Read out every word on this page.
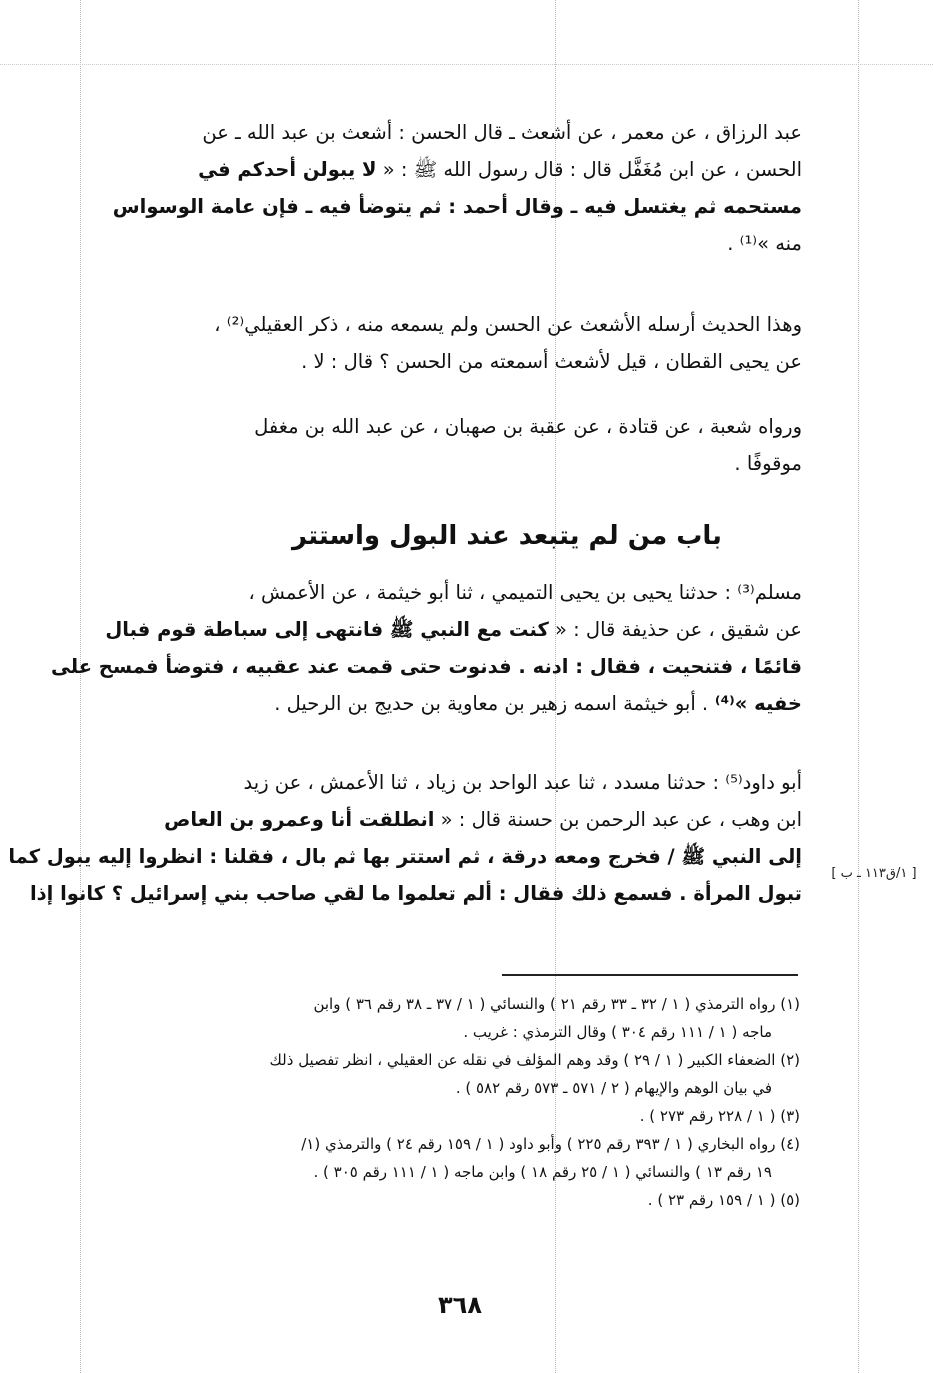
عبد الرزاق ، عن معمر ، عن أشعث ـ قال الحسن : أشعث بن عبد الله ـ عن
الحسن ، عن ابن مُغَفَّل قال : قال رسول الله ﷺ : « لا يبولن أحدكم في
مستحمه ثم يغتسل فيه ـ وقال أحمد : ثم يتوضأ فيه ـ فإن عامة الوسواس
منه »⁽¹⁾ .
وهذا الحديث أرسله الأشعث عن الحسن ولم يسمعه منه ، ذكر العقيلي⁽²⁾ ،
عن يحيى القطان ، قيل لأشعث أسمعته من الحسن ؟ قال : لا .
ورواه شعبة ، عن قتادة ، عن عقبة بن صهبان ، عن عبد الله بن مغفل
موقوفًا .
باب من لم يتبعد عند البول واستتر
مسلم⁽³⁾ : حدثنا يحيى بن يحيى التميمي ، ثنا أبو خيثمة ، عن الأعمش ،
عن شقيق ، عن حذيفة قال : « كنت مع النبي ﷺ فانتهى إلى سباطة قوم فبال
قائمًا ، فتنحيت ، فقال : ادنه . فدنوت حتى قمت عند عقبيه ، فتوضأ فمسح على
خفيه »⁽⁴⁾ . أبو خيثمة اسمه زهير بن معاوية بن حديج بن الرحيل .
أبو داود⁽⁵⁾ : حدثنا مسدد ، ثنا عبد الواحد بن زياد ، ثنا الأعمش ، عن زيد
ابن وهب ، عن عبد الرحمن بن حسنة قال : « انطلقت أنا وعمرو بن العاص
إلى النبي ﷺ / فخرج ومعه درقة ، ثم استتر بها ثم بال ، فقلنا : انظروا إليه يبول كما
تبول المرأة . فسمع ذلك فقال : ألم تعلموا ما لقي صاحب بني إسرائيل ؟ كانوا إذا
[ ١/ق١١٣ ـ ب ]
(١) رواه الترمذي ( ١ / ٣٢ ـ ٣٣ رقم ٢١ ) والنسائي ( ١ / ٣٧ ـ ٣٨ رقم ٣٦ ) وابن
ماجه ( ١ / ١١١ رقم ٣٠٤ ) وقال الترمذي : غريب .
(٢) الضعفاء الكبير ( ١ / ٢٩ ) وقد وهم المؤلف في نقله عن العقيلي ، انظر تفصيل ذلك
في بيان الوهم والإيهام ( ٢ / ٥٧١ ـ ٥٧٣ رقم ٥٨٢ ) .
(٣) ( ١ / ٢٢٨ رقم ٢٧٣ ) .
(٤) رواه البخاري ( ١ / ٣٩٣ رقم ٢٢٥ ) وأبو داود ( ١ / ١٥٩ رقم ٢٤ ) والترمذي (١/
١٩ رقم ١٣ ) والنسائي ( ١ / ٢٥ رقم ١٨ ) وابن ماجه ( ١ / ١١١ رقم ٣٠٥ ) .
(٥) ( ١ / ١٥٩ رقم ٢٣ ) .
٣٦٨
